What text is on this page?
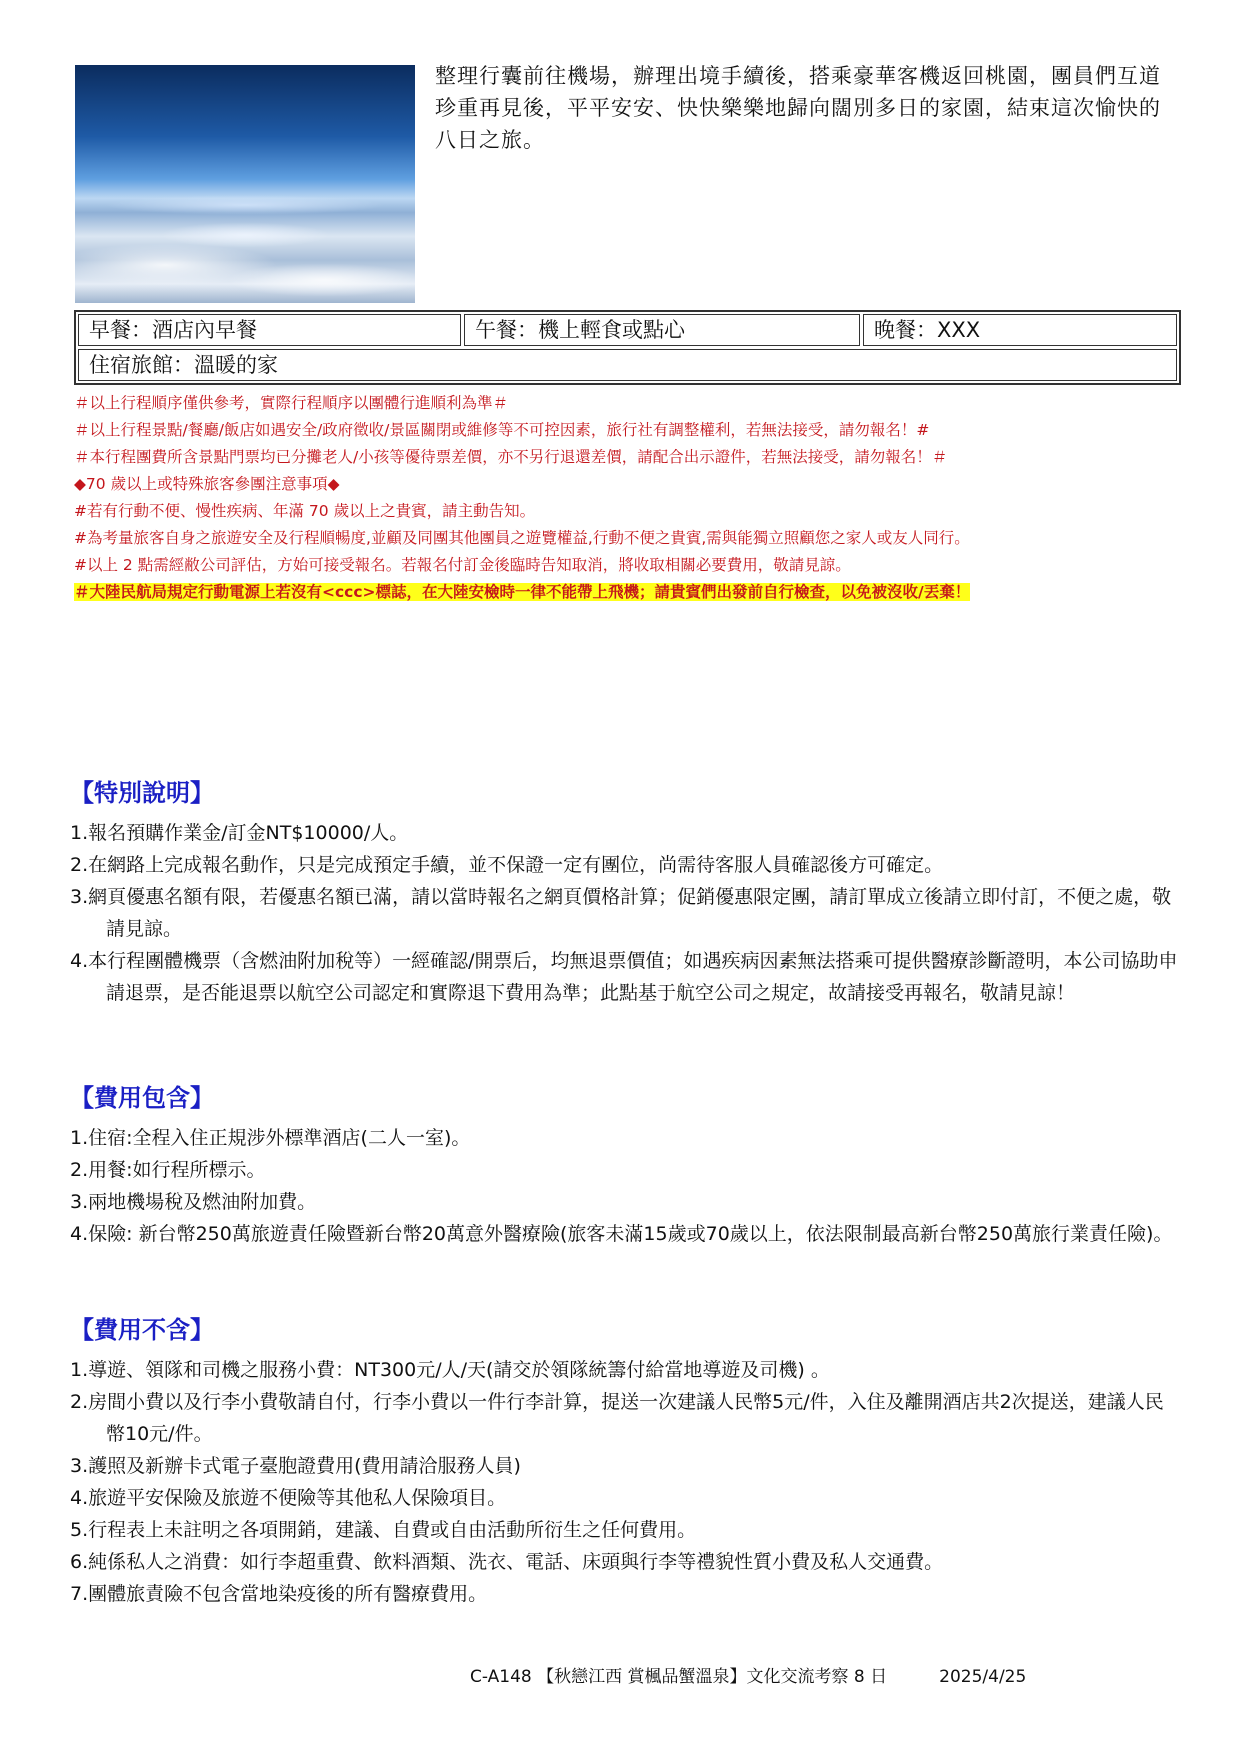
整理行囊前往機場，辦理出境手續後，搭乘豪華客機返回桃園，團員們互道珍重再見後，平平安安、快快樂樂地歸向闊別多日的家園，結束這次愉快的八日之旅。

早餐：酒店內早餐	午餐：機上輕食或點心	晚餐：XXX
住宿旅館：溫暖的家

＃以上行程順序僅供參考，實際行程順序以團體行進順利為準＃

＃以上行程景點/餐廳/飯店如遇安全/政府徵收/景區關閉或維修等不可控因素，旅行社有調整權利，若無法接受，請勿報名！#

＃本行程團費所含景點門票均已分攤老人/小孩等優待票差價，亦不另行退還差價，請配合出示證件，若無法接受，請勿報名！＃

◆70 歲以上或特殊旅客參團注意事項◆

#若有行動不便、慢性疾病、年滿 70 歲以上之貴賓，請主動告知。

#為考量旅客自身之旅遊安全及行程順暢度,並顧及同團其他團員之遊覽權益,行動不便之貴賓,需與能獨立照顧您之家人或友人同行。

#以上 2 點需經敝公司評估，方始可接受報名。若報名付訂金後臨時告知取消，將收取相關必要費用，敬請見諒。

＃大陸民航局規定行動電源上若沒有<ccc>標誌，在大陸安檢時一律不能帶上飛機；請貴賓們出發前自行檢查，以免被沒收/丟棄！

【特別說明】
1.報名預購作業金/訂金NT$10000/人。
2.在網路上完成報名動作，只是完成預定手續，並不保證一定有團位，尚需待客服人員確認後方可確定。
3.網頁優惠名額有限，若優惠名額已滿，請以當時報名之網頁價格計算；促銷優惠限定團，請訂單成立後請立即付訂，不便之處，敬請見諒。
4.本行程團體機票（含燃油附加稅等）一經確認/開票后，均無退票價值；如遇疾病因素無法搭乘可提供醫療診斷證明，本公司協助申請退票，是否能退票以航空公司認定和實際退下費用為準；此點基于航空公司之規定，故請接受再報名，敬請見諒！
【費用包含】
1.住宿:全程入住正規涉外標準酒店(二人一室)。
2.用餐:如行程所標示。
3.兩地機場稅及燃油附加費。
4.保險: 新台幣250萬旅遊責任險暨新台幣20萬意外醫療險(旅客未滿15歲或70歲以上，依法限制最高新台幣250萬旅行業責任險)。
【費用不含】
1.導遊、領隊和司機之服務小費：NT300元/人/天(請交於領隊統籌付給當地導遊及司機) 。
2.房間小費以及行李小費敬請自付，行李小費以一件行李計算，提送一次建議人民幣5元/件，入住及離開酒店共2次提送，建議人民幣10元/件。
3.護照及新辦卡式電子臺胞證費用(費用請洽服務人員)
4.旅遊平安保險及旅遊不便險等其他私人保險項目。
5.行程表上未註明之各項開銷，建議、自費或自由活動所衍生之任何費用。
6.純係私人之消費：如行李超重費、飲料酒類、洗衣、電話、床頭與行李等禮貌性質小費及私人交通費。
7.團體旅責險不包含當地染疫後的所有醫療費用。
C-A148 【秋戀江西 賞楓品蟹溫泉】文化交流考察 8 日	2025/4/25
